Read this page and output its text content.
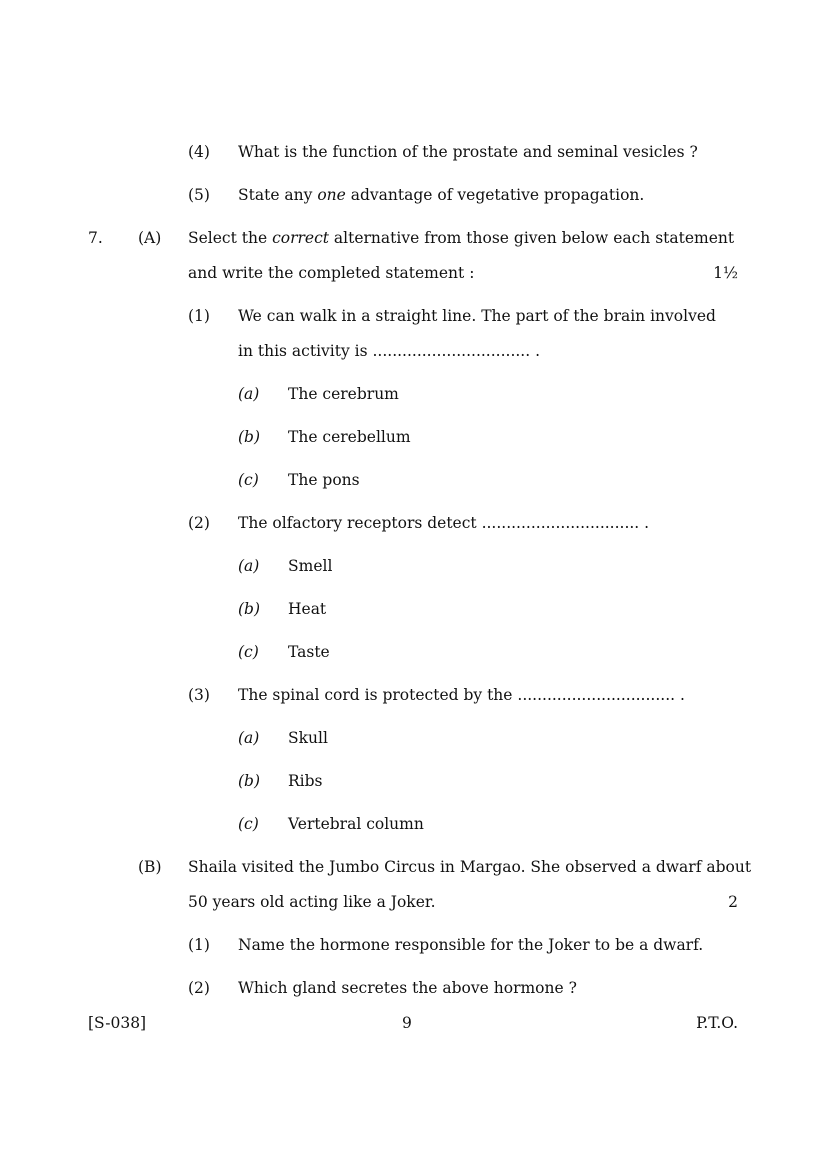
(4) What is the function of the prostate and seminal vesicles ?
(5) State any one advantage of vegetative propagation.
7. (A) Select the correct alternative from those given below each statement
and write the completed statement :	1½
(1) We can walk in a straight line. The part of the brain involved
in this activity is ................................ .
(a) The cerebrum
(b) The cerebellum
(c) The pons
(2) The olfactory receptors detect ................................ .
(a) Smell
(b) Heat
(c) Taste
(3) The spinal cord is protected by the ................................ .
(a) Skull
(b) Ribs
(c) Vertebral column
(B) Shaila visited the Jumbo Circus in Margao. She observed a dwarf about
50 years old acting like a Joker.	2
(1) Name the hormone responsible for the Joker to be a dwarf.
(2) Which gland secretes the above hormone ?
[S-038]	9	P.T.O.
